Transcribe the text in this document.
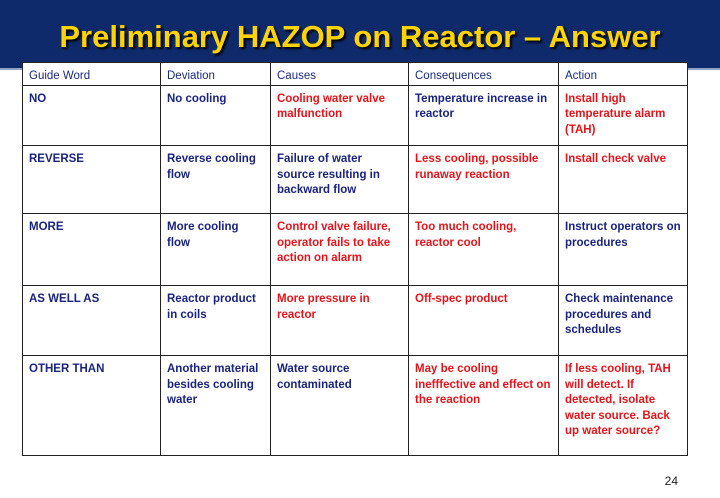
Guide Word	Deviation	Causes	Consequences	Action
NO	No cooling	Cooling water valve malfunction	Temperature increase in reactor	Install high temperature alarm (TAH)
REVERSE	Reverse cooling flow	Failure of water source resulting in backward flow	Less cooling, possible runaway reaction	Install check valve
MORE	More cooling flow	Control valve failure, operator fails to take action on alarm	Too much cooling, reactor cool	Instruct operators on procedures
AS WELL AS	Reactor product in coils	More pressure in reactor	Off-spec product	Check maintenance procedures and schedules
OTHER THAN	Another material besides cooling water	Water source contaminated	May be cooling inefffective and effect on the reaction	If less cooling, TAH will detect. If detected, isolate water source. Back up water source?
Preliminary HAZOP on Reactor – Answer
24
